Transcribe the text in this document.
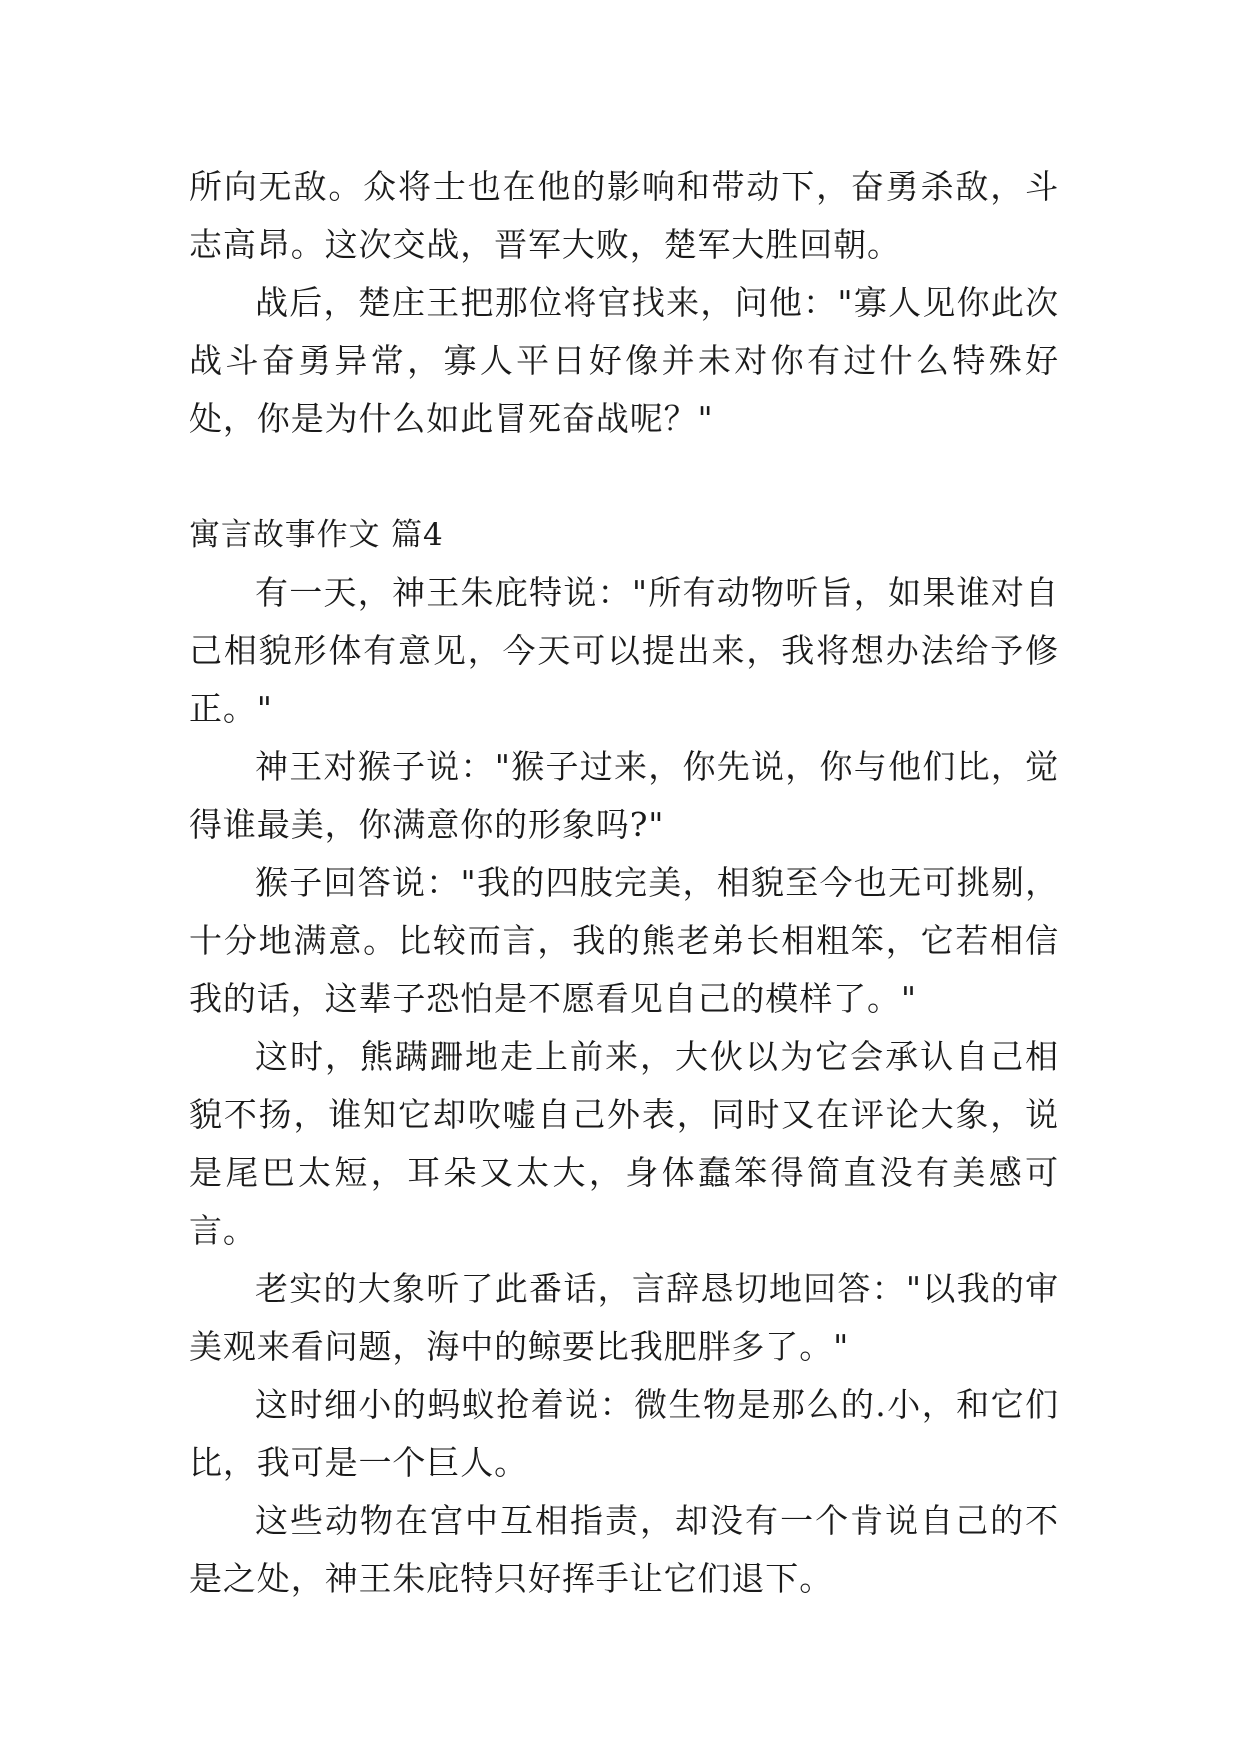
所向无敌。众将士也在他的影响和带动下，奋勇杀敌，斗志高昂。这次交战，晋军大败，楚军大胜回朝。

战后，楚庄王把那位将官找来，问他："寡人见你此次战斗奋勇异常，寡人平日好像并未对你有过什么特殊好处，你是为什么如此冒死奋战呢？"

寓言故事作文 篇4

有一天，神王朱庇特说："所有动物听旨，如果谁对自己相貌形体有意见，今天可以提出来，我将想办法给予修正。"

神王对猴子说："猴子过来，你先说，你与他们比，觉得谁最美，你满意你的形象吗?"

猴子回答说："我的四肢完美，相貌至今也无可挑剔，十分地满意。比较而言，我的熊老弟长相粗笨，它若相信我的话，这辈子恐怕是不愿看见自己的模样了。"

这时，熊蹒跚地走上前来，大伙以为它会承认自己相貌不扬，谁知它却吹嘘自己外表，同时又在评论大象，说是尾巴太短，耳朵又太大，身体蠢笨得简直没有美感可言。

老实的大象听了此番话，言辞恳切地回答："以我的审美观来看问题，海中的鲸要比我肥胖多了。"

这时细小的蚂蚁抢着说：微生物是那么的.小，和它们比，我可是一个巨人。

这些动物在宫中互相指责，却没有一个肯说自己的不是之处，神王朱庇特只好挥手让它们退下。
